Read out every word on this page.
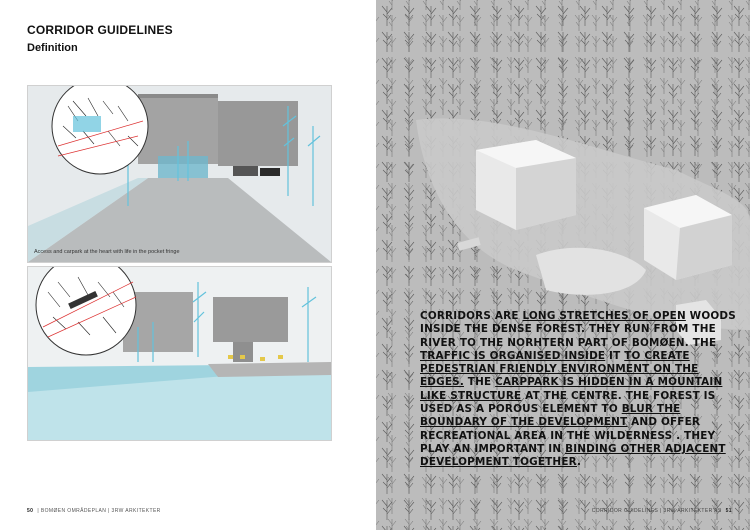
CORRIDOR GUIDELINES
Definition
Access and carpark at the heart with life in the pocket fringe
50 | BOMØEN OMRÅDEPLAN | 3RW ARKITEKTER
CORRIDORS ARE LONG STRETCHES OF OPEN WOODS INSIDE THE DENSE FOREST. THEY RUN FROM THE RIVER TO THE NORHTERN PART OF BOMØEN. THE TRAFFIC IS ORGANISED INSIDE IT TO CREATE PEDESTRIAN FRIENDLY ENVIRONMENT ON THE EDGES. THE CARPPARK IS HIDDEN IN A MOUNTAIN LIKE STRUCTURE AT THE CENTRE. THE FOREST IS USED AS A POROUS ELEMENT TO BLUR THE BOUNDARY OF THE DEVELOPMENT AND OFFER RECREATIONAL AREA IN THE WILDERNESS . THEY PLAY AN IMPORTANT IN BINDING OTHER ADJACENT DEVELOPMENT TOGETHER.
CORRIDOR GUIDELINES | 3RW ARKITEKTER AS 51
